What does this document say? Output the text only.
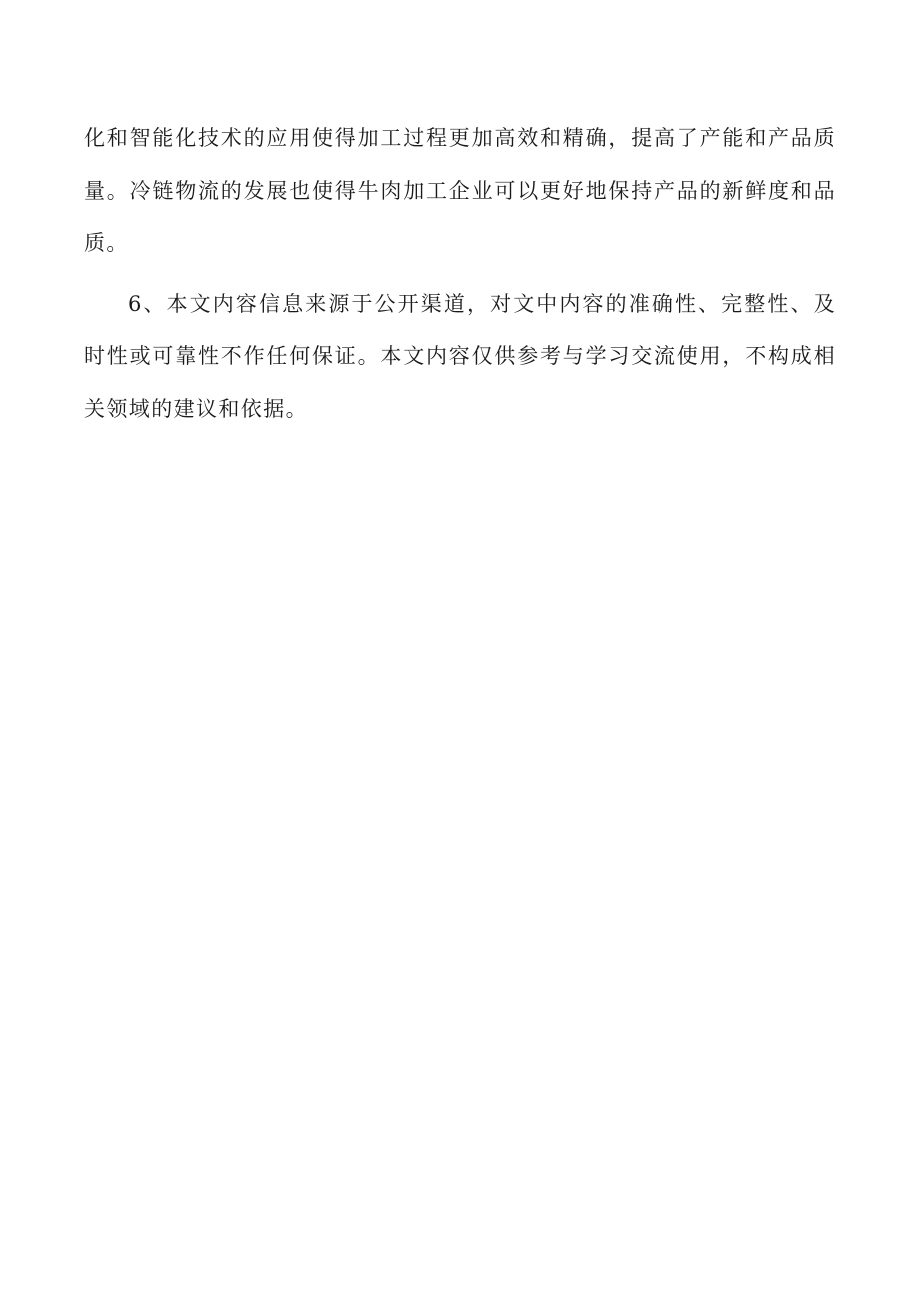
化和智能化技术的应用使得加工过程更加高效和精确，提高了产能和产品质量。冷链物流的发展也使得牛肉加工企业可以更好地保持产品的新鲜度和品质。

6、本文内容信息来源于公开渠道，对文中内容的准确性、完整性、及时性或可靠性不作任何保证。本文内容仅供参考与学习交流使用，不构成相关领域的建议和依据。
